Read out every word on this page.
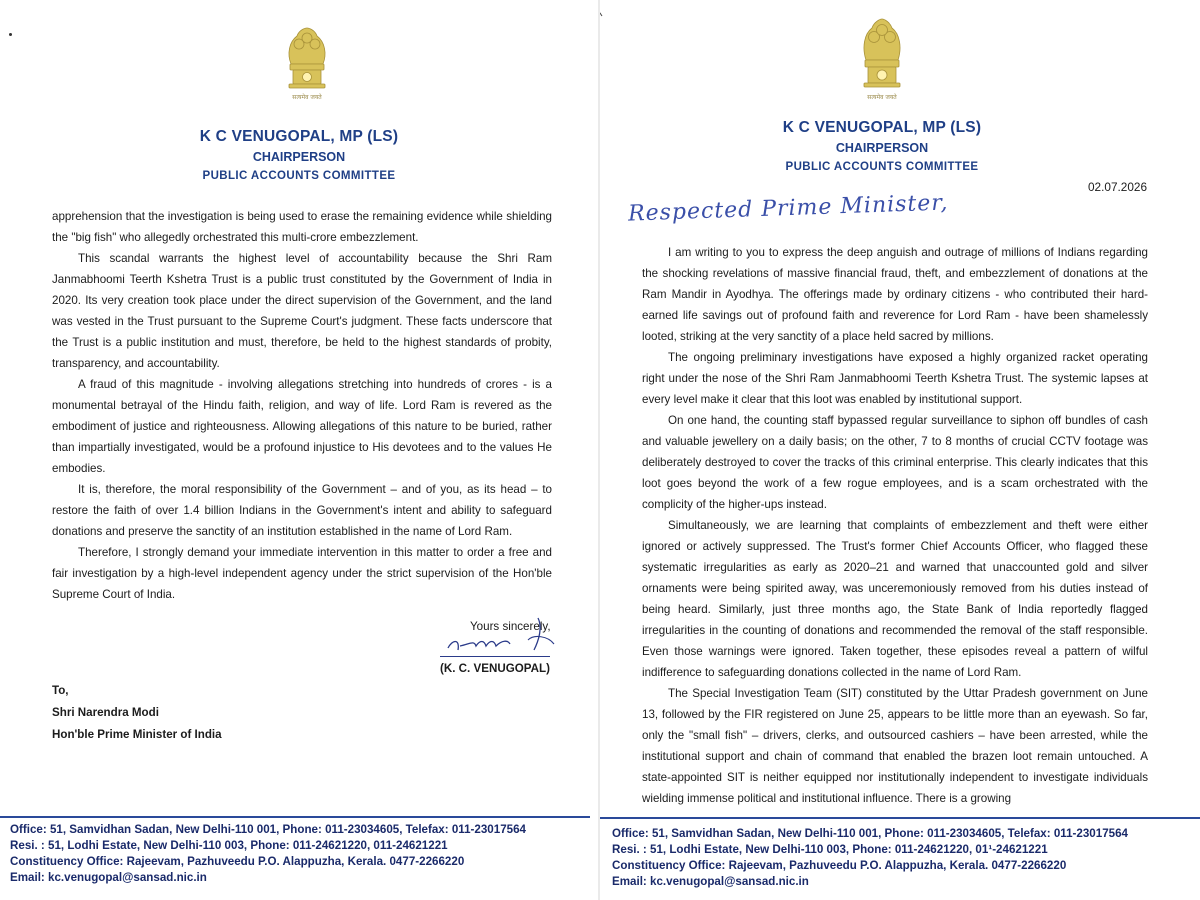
सत्यमेव जयते
K C VENUGOPAL, MP (LS)
CHAIRPERSON
PUBLIC ACCOUNTS COMMITTEE

apprehension that the investigation is being used to erase the remaining evidence while shielding the "big fish" who allegedly orchestrated this multi-crore embezzlement.

This scandal warrants the highest level of accountability because the Shri Ram Janmabhoomi Teerth Kshetra Trust is a public trust constituted by the Government of India in 2020. Its very creation took place under the direct supervision of the Government, and the land was vested in the Trust pursuant to the Supreme Court's judgment. These facts underscore that the Trust is a public institution and must, therefore, be held to the highest standards of probity, transparency, and accountability.

A fraud of this magnitude - involving allegations stretching into hundreds of crores - is a monumental betrayal of the Hindu faith, religion, and way of life. Lord Ram is revered as the embodiment of justice and righteousness. Allowing allegations of this nature to be buried, rather than impartially investigated, would be a profound injustice to His devotees and to the values He embodies.

It is, therefore, the moral responsibility of the Government – and of you, as its head – to restore the faith of over 1.4 billion Indians in the Government's intent and ability to safeguard donations and preserve the sanctity of an institution established in the name of Lord Ram.

Therefore, I strongly demand your immediate intervention in this matter to order a free and fair investigation by a high-level independent agency under the strict supervision of the Hon'ble Supreme Court of India.

Yours sincerely,
(K. C. VENUGOPAL)
To,
Shri Narendra Modi
Hon'ble Prime Minister of India
Office: 51, Samvidhan Sadan, New Delhi-110 001, Phone: 011-23034605, Telefax: 011-23017564
Resi. : 51, Lodhi Estate, New Delhi-110 003, Phone: 011-24621220, 011-24621221
Constituency Office: Rajeevam, Pazhuveedu P.O. Alappuzha, Kerala. 0477-2266220
Email: kc.venugopal@sansad.nic.in
सत्यमेव जयते
K C VENUGOPAL, MP (LS)
CHAIRPERSON
PUBLIC ACCOUNTS COMMITTEE
02.07.2026
Respected Prime Minister,

I am writing to you to express the deep anguish and outrage of millions of Indians regarding the shocking revelations of massive financial fraud, theft, and embezzlement of donations at the Ram Mandir in Ayodhya. The offerings made by ordinary citizens - who contributed their hard-earned life savings out of profound faith and reverence for Lord Ram - have been shamelessly looted, striking at the very sanctity of a place held sacred by millions.

The ongoing preliminary investigations have exposed a highly organized racket operating right under the nose of the Shri Ram Janmabhoomi Teerth Kshetra Trust. The systemic lapses at every level make it clear that this loot was enabled by institutional support.

On one hand, the counting staff bypassed regular surveillance to siphon off bundles of cash and valuable jewellery on a daily basis; on the other, 7 to 8 months of crucial CCTV footage was deliberately destroyed to cover the tracks of this criminal enterprise. This clearly indicates that this loot goes beyond the work of a few rogue employees, and is a scam orchestrated with the complicity of the higher-ups instead.

Simultaneously, we are learning that complaints of embezzlement and theft were either ignored or actively suppressed. The Trust's former Chief Accounts Officer, who flagged these systematic irregularities as early as 2020–21 and warned that unaccounted gold and silver ornaments were being spirited away, was unceremoniously removed from his duties instead of being heard. Similarly, just three months ago, the State Bank of India reportedly flagged irregularities in the counting of donations and recommended the removal of the staff responsible. Even those warnings were ignored. Taken together, these episodes reveal a pattern of wilful indifference to safeguarding donations collected in the name of Lord Ram.

The Special Investigation Team (SIT) constituted by the Uttar Pradesh government on June 13, followed by the FIR registered on June 25, appears to be little more than an eyewash. So far, only the "small fish" – drivers, clerks, and outsourced cashiers – have been arrested, while the institutional support and chain of command that enabled the brazen loot remain untouched. A state-appointed SIT is neither equipped nor institutionally independent to investigate individuals wielding immense political and institutional influence. There is a growing

Office: 51, Samvidhan Sadan, New Delhi-110 001, Phone: 011-23034605, Telefax: 011-23017564
Resi. : 51, Lodhi Estate, New Delhi-110 003, Phone: 011-24621220, 01¹-24621221
Constituency Office: Rajeevam, Pazhuveedu P.O. Alappuzha, Kerala. 0477-2266220
Email: kc.venugopal@sansad.nic.in
